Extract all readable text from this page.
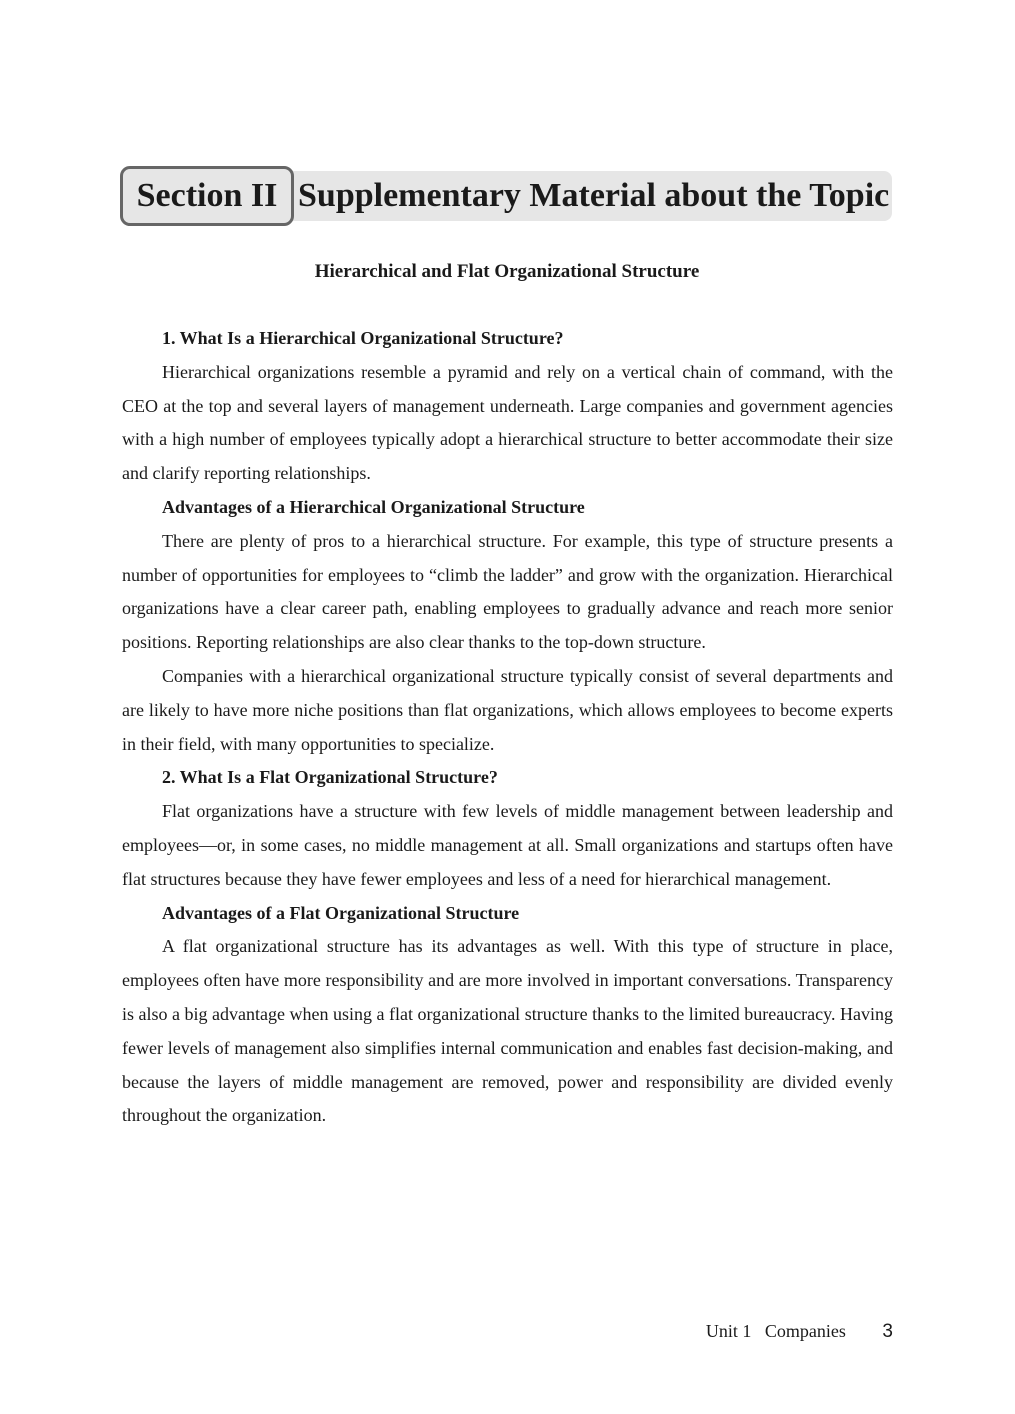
Section II Supplementary Material about the Topic
Hierarchical and Flat Organizational Structure
1. What Is a Hierarchical Organizational Structure?

Hierarchical organizations resemble a pyramid and rely on a vertical chain of command, with the CEO at the top and several layers of management underneath. Large companies and government agencies with a high number of employees typically adopt a hierarchical structure to better accommodate their size and clarify reporting relationships.

Advantages of a Hierarchical Organizational Structure

There are plenty of pros to a hierarchical structure. For example, this type of structure presents a number of opportunities for employees to “climb the ladder” and grow with the organization. Hierarchical organizations have a clear career path, enabling employees to gradually advance and reach more senior positions. Reporting relationships are also clear thanks to the top-down structure.

Companies with a hierarchical organizational structure typically consist of several departments and are likely to have more niche positions than flat organizations, which allows employees to become experts in their field, with many opportunities to specialize.

2. What Is a Flat Organizational Structure?

Flat organizations have a structure with few levels of middle management between leadership and employees—or, in some cases, no middle management at all. Small organizations and startups often have flat structures because they have fewer employees and less of a need for hierarchical management.

Advantages of a Flat Organizational Structure

A flat organizational structure has its advantages as well. With this type of structure in place, employees often have more responsibility and are more involved in important conversations. Transparency is also a big advantage when using a flat organizational structure thanks to the limited bureaucracy. Having fewer levels of management also simplifies internal communication and enables fast decision-making, and because the layers of middle management are removed, power and responsibility are divided evenly throughout the organization.

Unit 1 Companies 3
